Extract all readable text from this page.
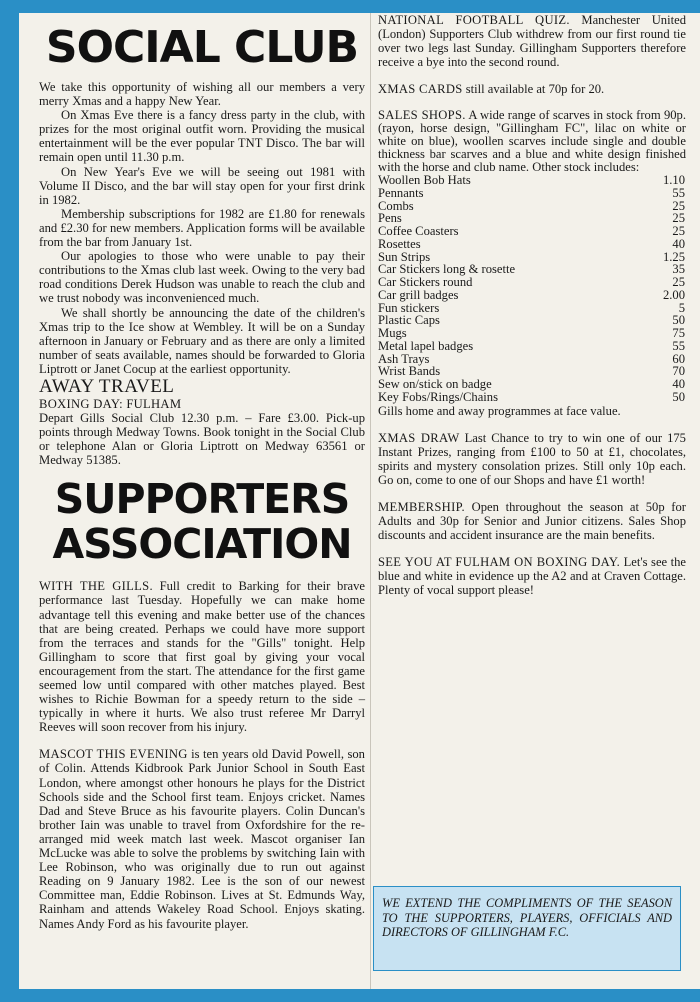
SOCIAL CLUB

We take this opportunity of wishing all our members a very merry Xmas and a happy New Year.

On Xmas Eve there is a fancy dress party in the club, with prizes for the most original outfit worn. Providing the musical entertainment will be the ever popular TNT Disco. The bar will remain open until 11.30 p.m.

On New Year's Eve we will be seeing out 1981 with Volume II Disco, and the bar will stay open for your first drink in 1982.

Membership subscriptions for 1982 are £1.80 for renewals and £2.30 for new members. Application forms will be available from the bar from January 1st.

Our apologies to those who were unable to pay their contributions to the Xmas club last week. Owing to the very bad road conditions Derek Hudson was unable to reach the club and we trust nobody was inconvenienced much.

We shall shortly be announcing the date of the children's Xmas trip to the Ice show at Wembley. It will be on a Sunday afternoon in January or February and as there are only a limited number of seats available, names should be forwarded to Gloria Liptrott or Janet Cocup at the earliest opportunity.

AWAY TRAVEL
BOXING DAY: FULHAM

Depart Gills Social Club 12.30 p.m. – Fare £3.00. Pick-up points through Medway Towns. Book tonight in the Social Club or telephone Alan or Gloria Liptrott on Medway 63561 or Medway 51385.

SUPPORTERS
ASSOCIATION

WITH THE GILLS. Full credit to Barking for their brave performance last Tuesday. Hopefully we can make home advantage tell this evening and make better use of the chances that are being created. Perhaps we could have more support from the terraces and stands for the "Gills" tonight. Help Gillingham to score that first goal by giving your vocal encouragement from the start. The attendance for the first game seemed low until compared with other matches played. Best wishes to Richie Bowman for a speedy return to the side – typically in where it hurts. We also trust referee Mr Darryl Reeves will soon recover from his injury.

MASCOT THIS EVENING is ten years old David Powell, son of Colin. Attends Kidbrook Park Junior School in South East London, where amongst other honours he plays for the District Schools side and the School first team. Enjoys cricket. Names Dad and Steve Bruce as his favourite players. Colin Duncan's brother Iain was unable to travel from Oxfordshire for the re-arranged mid week match last week. Mascot organiser Ian McLucke was able to solve the problems by switching Iain with Lee Robinson, who was originally due to run out against Reading on 9 January 1982. Lee is the son of our newest Committee man, Eddie Robinson. Lives at St. Edmunds Way, Rainham and attends Wakeley Road School. Enjoys skating. Names Andy Ford as his favourite player.

NATIONAL FOOTBALL QUIZ. Manchester United (London) Supporters Club withdrew from our first round tie over two legs last Sunday. Gillingham Supporters therefore receive a bye into the second round.

XMAS CARDS still available at 70p for 20.

SALES SHOPS. A wide range of scarves in stock from 90p. (rayon, horse design, "Gillingham FC", lilac on white or white on blue), woollen scarves include single and double thickness bar scarves and a blue and white design finished with the horse and club name. Other stock includes:

Woollen Bob Hats	1.10
Pennants	55
Combs	25
Pens	25
Coffee Coasters	25
Rosettes	40
Sun Strips	1.25
Car Stickers long & rosette	35
Car Stickers round	25
Car grill badges	2.00
Fun stickers	5
Plastic Caps	50
Mugs	75
Metal lapel badges	55
Ash Trays	60
Wrist Bands	70
Sew on/stick on badge	40
Key Fobs/Rings/Chains	50

Gills home and away programmes at face value.

XMAS DRAW Last Chance to try to win one of our 175 Instant Prizes, ranging from £100 to 50 at £1, chocolates, spirits and mystery consolation prizes. Still only 10p each. Go on, come to one of our Shops and have £1 worth!

MEMBERSHIP. Open throughout the season at 50p for Adults and 30p for Senior and Junior citizens. Sales Shop discounts and accident insurance are the main benefits.

SEE YOU AT FULHAM ON BOXING DAY. Let's see the blue and white in evidence up the A2 and at Craven Cottage. Plenty of vocal support please!

WE EXTEND THE COMPLIMENTS OF THE SEASON TO THE SUPPORTERS, PLAYERS, OFFICIALS AND DIRECTORS OF GILLINGHAM F.C.
